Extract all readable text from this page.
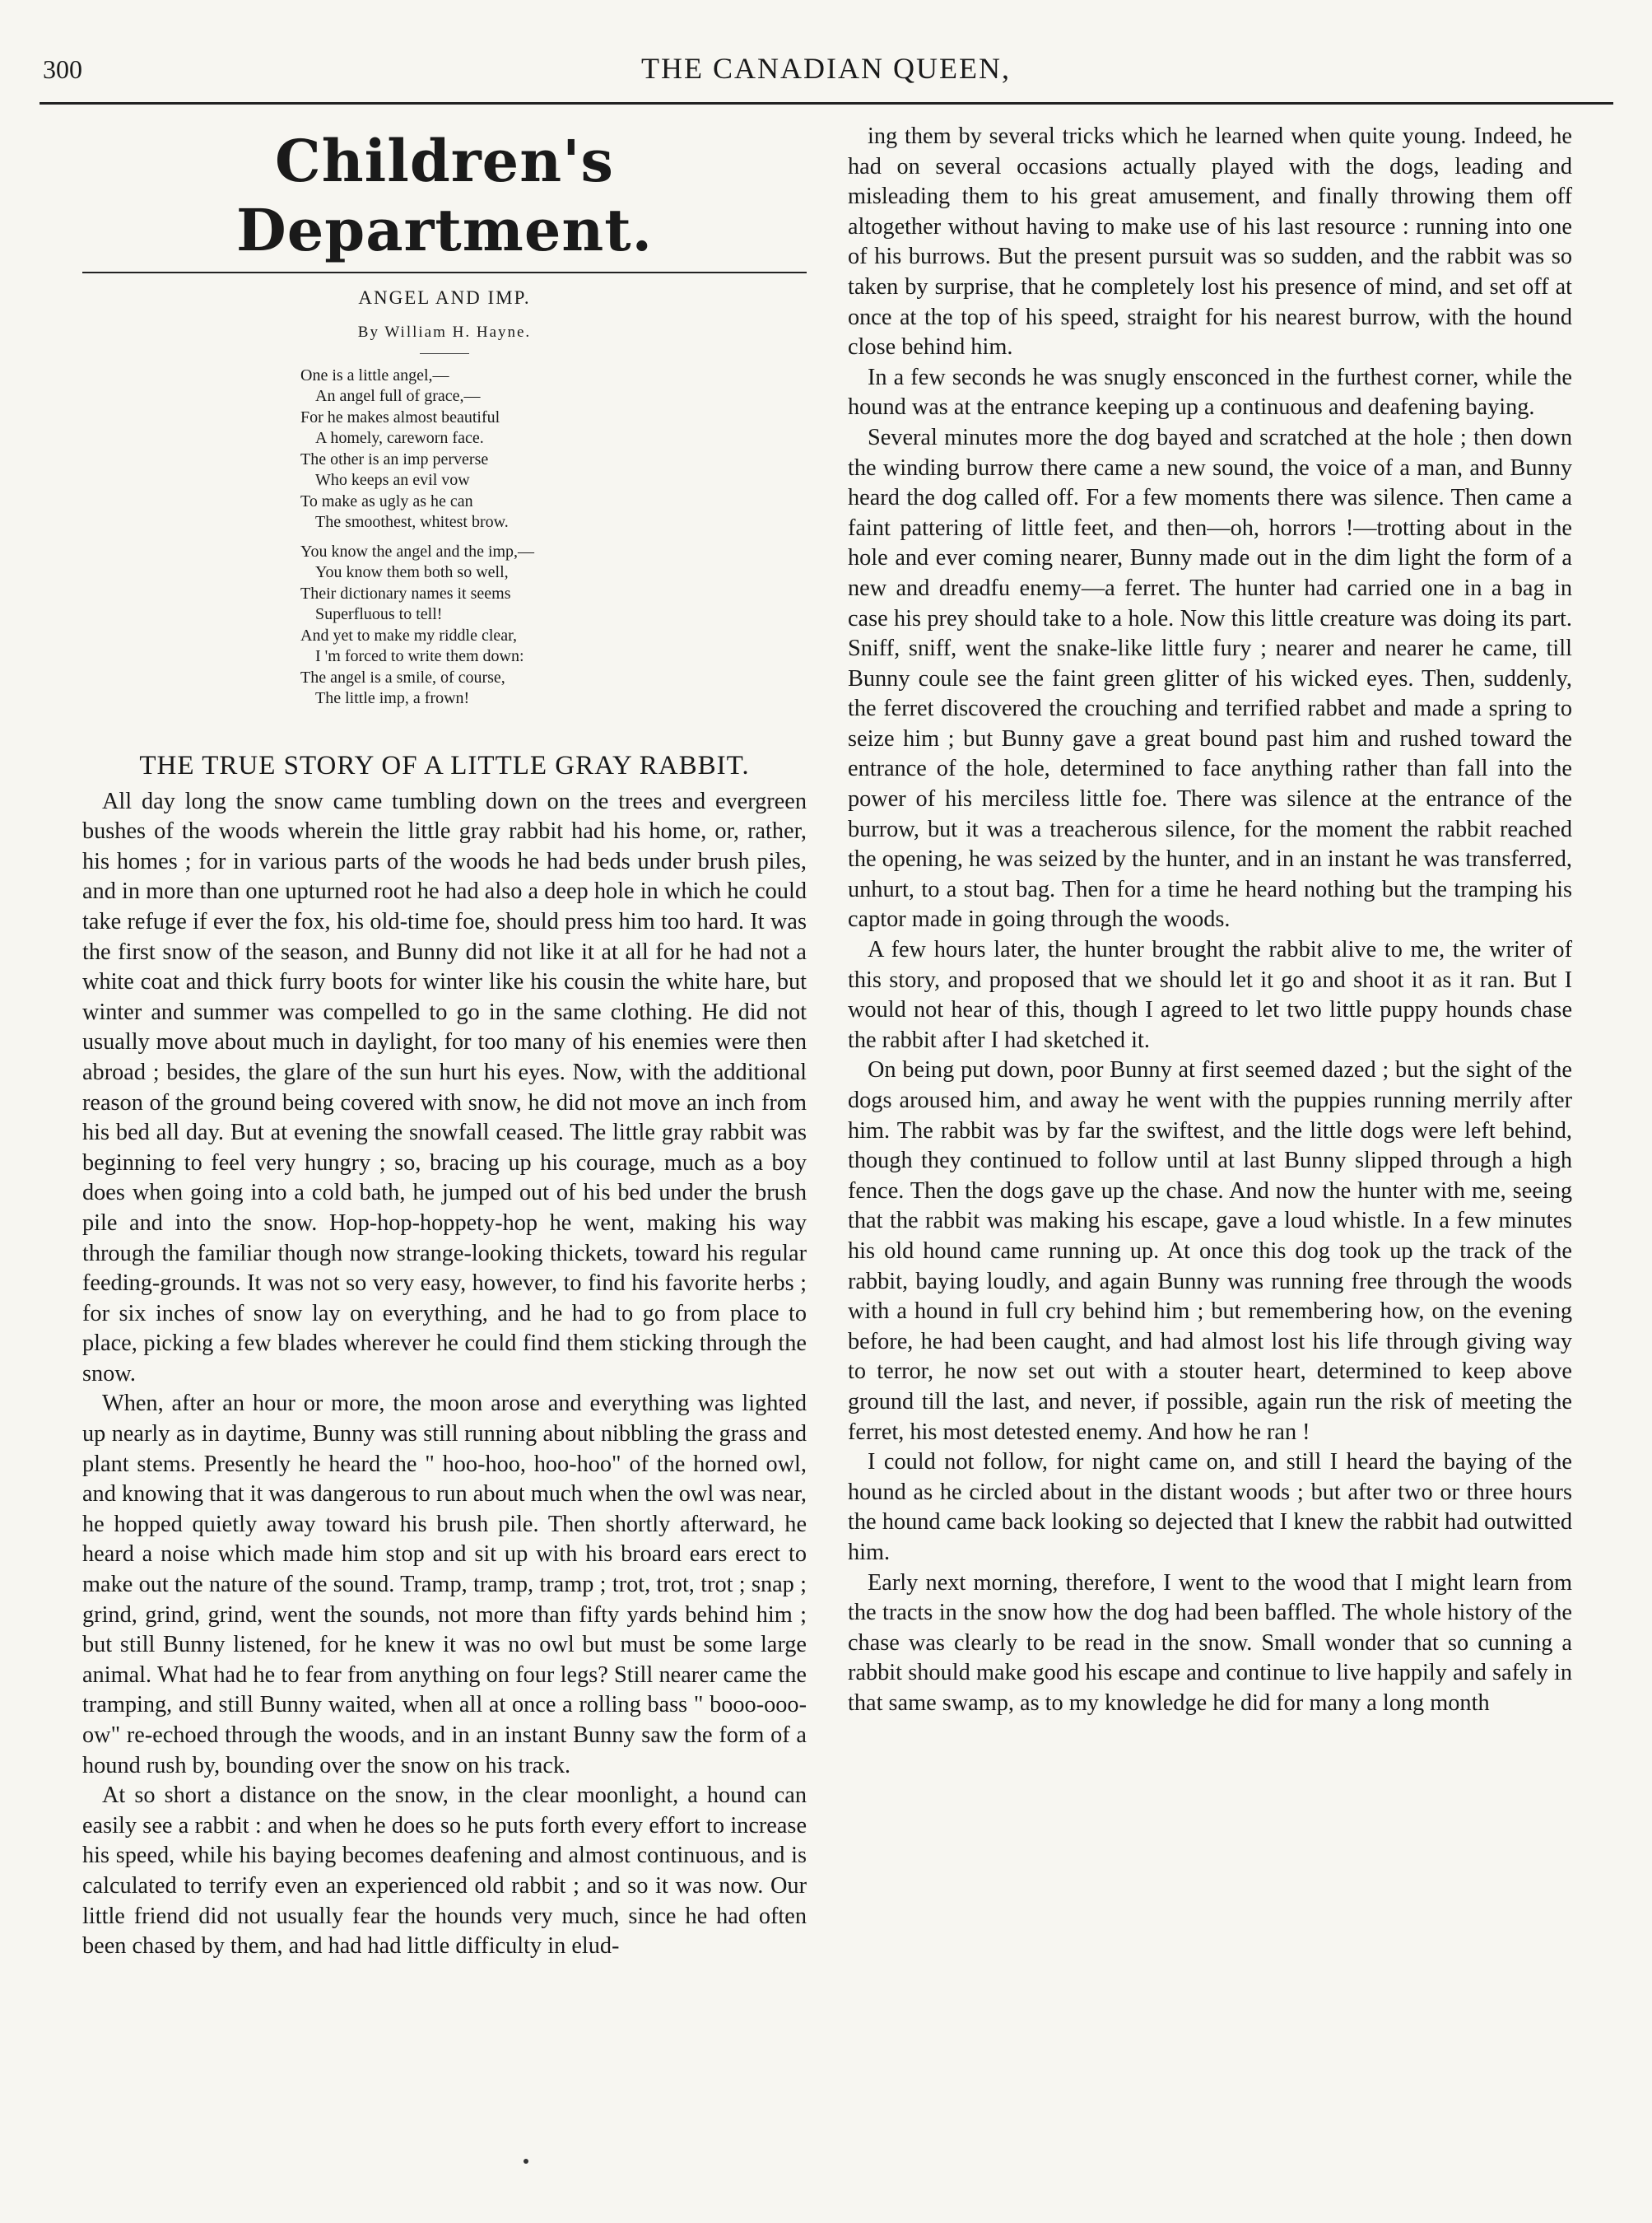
300	THE CANADIAN QUEEN,
Children's Department.
ANGEL AND IMP.
By William H. Hayne.
One is a little angel,—
An angel full of grace,—
For he makes almost beautiful
A homely, careworn face.
The other is an imp perverse
Who keeps an evil vow
To make as ugly as he can
The smoothest, whitest brow.
You know the angel and the imp,—
You know them both so well,
Their dictionary names it seems
Superfluous to tell!
And yet to make my riddle clear,
I 'm forced to write them down:
The angel is a smile, of course,
The little imp, a frown!
THE TRUE STORY OF A LITTLE GRAY RABBIT.

All day long the snow came tumbling down on the trees and evergreen bushes of the woods wherein the little gray rabbit had his home, or, rather, his homes ; for in various parts of the woods he had beds under brush piles, and in more than one upturned root he had also a deep hole in which he could take refuge if ever the fox, his old-time foe, should press him too hard. It was the first snow of the season, and Bunny did not like it at all for he had not a white coat and thick furry boots for winter like his cousin the white hare, but winter and summer was compelled to go in the same clothing. He did not usually move about much in daylight, for too many of his enemies were then abroad ; besides, the glare of the sun hurt his eyes. Now, with the additional reason of the ground being covered with snow, he did not move an inch from his bed all day. But at evening the snowfall ceased. The little gray rabbit was beginning to feel very hungry ; so, bracing up his courage, much as a boy does when going into a cold bath, he jumped out of his bed under the brush pile and into the snow. Hop-hop-hoppety-hop he went, making his way through the familiar though now strange-looking thickets, toward his regular feeding-grounds. It was not so very easy, however, to find his favorite herbs ; for six inches of snow lay on everything, and he had to go from place to place, picking a few blades wherever he could find them sticking through the snow.

When, after an hour or more, the moon arose and everything was lighted up nearly as in daytime, Bunny was still running about nibbling the grass and plant stems. Presently he heard the " hoo-hoo, hoo-hoo" of the horned owl, and knowing that it was dangerous to run about much when the owl was near, he hopped quietly away toward his brush pile. Then shortly afterward, he heard a noise which made him stop and sit up with his broard ears erect to make out the nature of the sound. Tramp, tramp, tramp ; trot, trot, trot ; snap ; grind, grind, grind, went the sounds, not more than fifty yards behind him ; but still Bunny listened, for he knew it was no owl but must be some large animal. What had he to fear from anything on four legs? Still nearer came the tramping, and still Bunny waited, when all at once a rolling bass " booo-ooo-ow" re-echoed through the woods, and in an instant Bunny saw the form of a hound rush by, bounding over the snow on his track.

At so short a distance on the snow, in the clear moonlight, a hound can easily see a rabbit : and when he does so he puts forth every effort to increase his speed, while his baying becomes deafening and almost continuous, and is calculated to terrify even an experienced old rabbit ; and so it was now. Our little friend did not usually fear the hounds very much, since he had often been chased by them, and had had little difficulty in elud-

ing them by several tricks which he learned when quite young. Indeed, he had on several occasions actually played with the dogs, leading and misleading them to his great amusement, and finally throwing them off altogether without having to make use of his last resource : running into one of his burrows. But the present pursuit was so sudden, and the rabbit was so taken by surprise, that he completely lost his presence of mind, and set off at once at the top of his speed, straight for his nearest burrow, with the hound close behind him.

In a few seconds he was snugly ensconced in the furthest corner, while the hound was at the entrance keeping up a continuous and deafening baying.

Several minutes more the dog bayed and scratched at the hole ; then down the winding burrow there came a new sound, the voice of a man, and Bunny heard the dog called off. For a few moments there was silence. Then came a faint pattering of little feet, and then—oh, horrors !—trotting about in the hole and ever coming nearer, Bunny made out in the dim light the form of a new and dreadfu enemy—a ferret. The hunter had carried one in a bag in case his prey should take to a hole. Now this little creature was doing its part. Sniff, sniff, went the snake-like little fury ; nearer and nearer he came, till Bunny coule see the faint green glitter of his wicked eyes. Then, suddenly, the ferret discovered the crouching and terrified rabbet and made a spring to seize him ; but Bunny gave a great bound past him and rushed toward the entrance of the hole, determined to face anything rather than fall into the power of his merciless little foe. There was silence at the entrance of the burrow, but it was a treacherous silence, for the moment the rabbit reached the opening, he was seized by the hunter, and in an instant he was transferred, unhurt, to a stout bag. Then for a time he heard nothing but the tramping his captor made in going through the woods.

A few hours later, the hunter brought the rabbit alive to me, the writer of this story, and proposed that we should let it go and shoot it as it ran. But I would not hear of this, though I agreed to let two little puppy hounds chase the rabbit after I had sketched it.

On being put down, poor Bunny at first seemed dazed ; but the sight of the dogs aroused him, and away he went with the puppies running merrily after him. The rabbit was by far the swiftest, and the little dogs were left behind, though they continued to follow until at last Bunny slipped through a high fence. Then the dogs gave up the chase. And now the hunter with me, seeing that the rabbit was making his escape, gave a loud whistle. In a few minutes his old hound came running up. At once this dog took up the track of the rabbit, baying loudly, and again Bunny was running free through the woods with a hound in full cry behind him ; but remembering how, on the evening before, he had been caught, and had almost lost his life through giving way to terror, he now set out with a stouter heart, determined to keep above ground till the last, and never, if possible, again run the risk of meeting the ferret, his most detested enemy. And how he ran !

I could not follow, for night came on, and still I heard the baying of the hound as he circled about in the distant woods ; but after two or three hours the hound came back looking so dejected that I knew the rabbit had outwitted him.

Early next morning, therefore, I went to the wood that I might learn from the tracts in the snow how the dog had been baffled. The whole history of the chase was clearly to be read in the snow. Small wonder that so cunning a rabbit should make good his escape and continue to live happily and safely in that same swamp, as to my knowledge he did for many a long month
